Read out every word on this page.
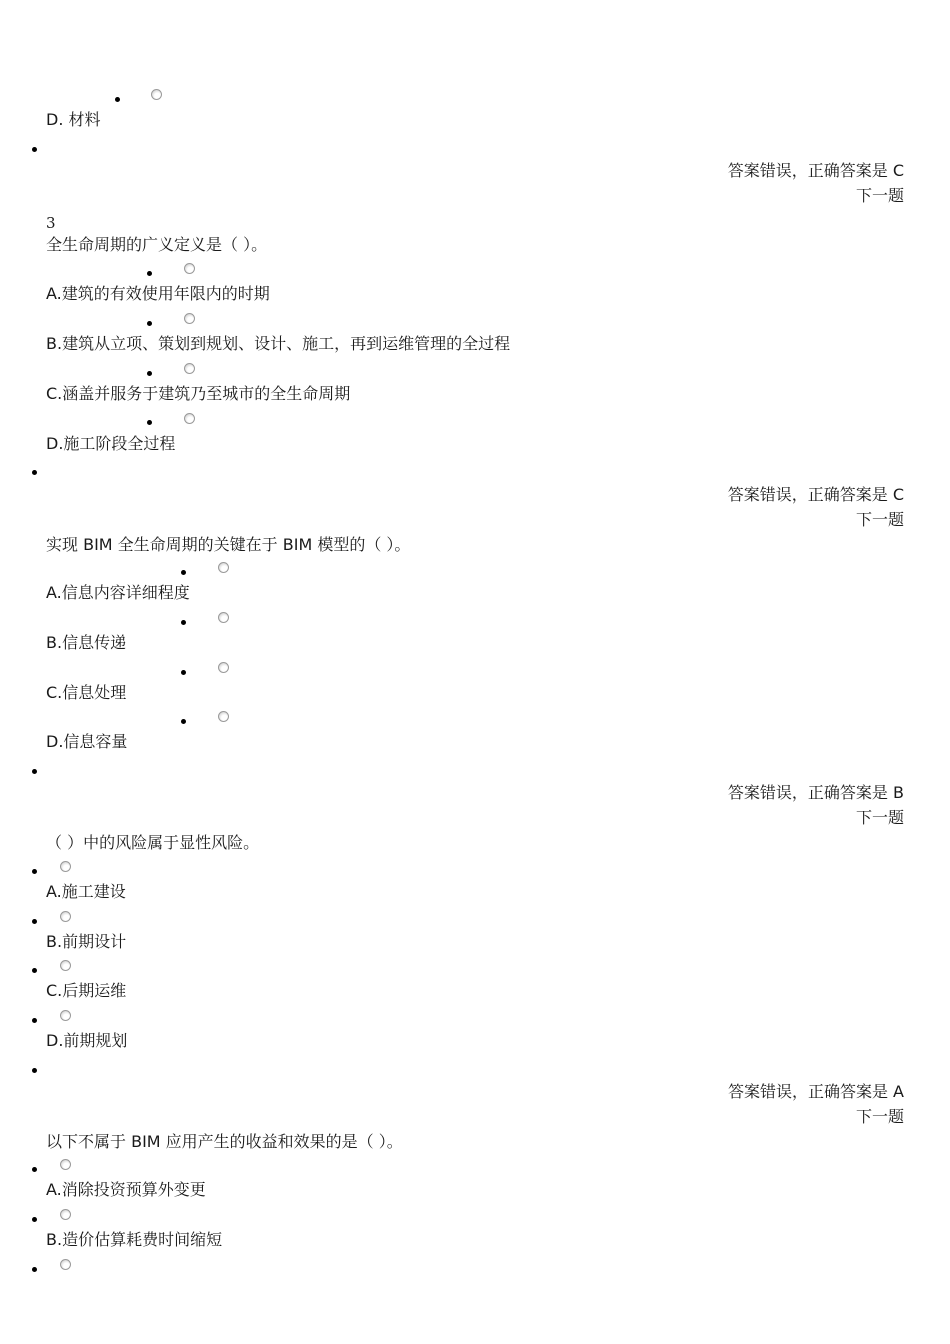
D. 材料
答案错误，正确答案是 C
下一题
3
全生命周期的广义定义是（ ）。
A.建筑的有效使用年限内的时期
B.建筑从立项、策划到规划、设计、施工，再到运维管理的全过程
C.涵盖并服务于建筑乃至城市的全生命周期
D.施工阶段全过程
答案错误，正确答案是 C
下一题
实现 BIM 全生命周期的关键在于 BIM 模型的（ ）。
A.信息内容详细程度
B.信息传递
C.信息处理
D.信息容量
答案错误，正确答案是 B
下一题
（ ）中的风险属于显性风险。
A.施工建设
B.前期设计
C.后期运维
D.前期规划
答案错误，正确答案是 A
下一题
以下不属于 BIM 应用产生的收益和效果的是（ ）。
A.消除投资预算外变更
B.造价估算耗费时间缩短
